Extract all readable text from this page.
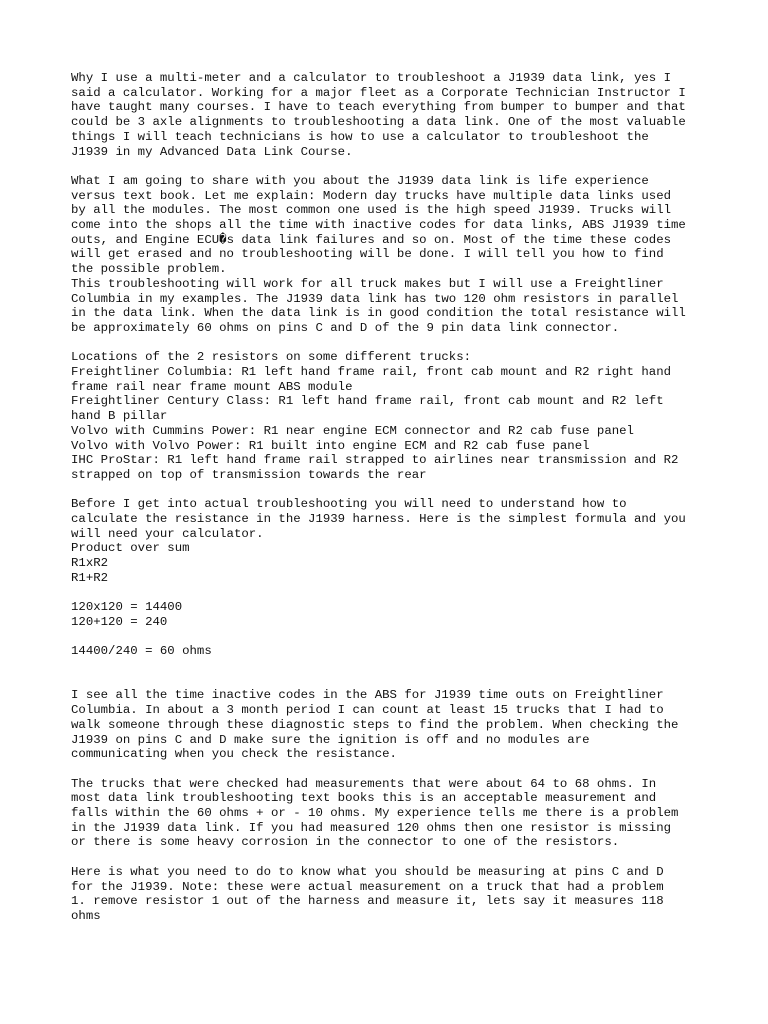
Why I use a multi-meter and a calculator to troubleshoot a J1939 data link, yes I
said a calculator. Working for a major fleet as a Corporate Technician Instructor I
have taught many courses. I have to teach everything from bumper to bumper and that
could be 3 axle alignments to troubleshooting a data link. One of the most valuable
things I will teach technicians is how to use a calculator to troubleshoot the
J1939 in my Advanced Data Link Course.

What I am going to share with you about the J1939 data link is life experience
versus text book. Let me explain: Modern day trucks have multiple data links used
by all the modules. The most common one used is the high speed J1939. Trucks will
come into the shops all the time with inactive codes for data links, ABS J1939 time
outs, and Engine ECU�s data link failures and so on. Most of the time these codes
will get erased and no troubleshooting will be done. I will tell you how to find
the possible problem.
This troubleshooting will work for all truck makes but I will use a Freightliner
Columbia in my examples. The J1939 data link has two 120 ohm resistors in parallel
in the data link. When the data link is in good condition the total resistance will
be approximately 60 ohms on pins C and D of the 9 pin data link connector.

Locations of the 2 resistors on some different trucks:
Freightliner Columbia: R1 left hand frame rail, front cab mount and R2 right hand
frame rail near frame mount ABS module
Freightliner Century Class: R1 left hand frame rail, front cab mount and R2 left
hand B pillar
Volvo with Cummins Power: R1 near engine ECM connector and R2 cab fuse panel
Volvo with Volvo Power: R1 built into engine ECM and R2 cab fuse panel
IHC ProStar: R1 left hand frame rail strapped to airlines near transmission and R2
strapped on top of transmission towards the rear

Before I get into actual troubleshooting you will need to understand how to
calculate the resistance in the J1939 harness. Here is the simplest formula and you
will need your calculator.
Product over sum
R1xR2
R1+R2

120x120 = 14400
120+120 = 240

14400/240 = 60 ohms

I see all the time inactive codes in the ABS for J1939 time outs on Freightliner
Columbia. In about a 3 month period I can count at least 15 trucks that I had to
walk someone through these diagnostic steps to find the problem. When checking the
J1939 on pins C and D make sure the ignition is off and no modules are
communicating when you check the resistance.

The trucks that were checked had measurements that were about 64 to 68 ohms. In
most data link troubleshooting text books this is an acceptable measurement and
falls within the 60 ohms + or - 10 ohms. My experience tells me there is a problem
in the J1939 data link. If you had measured 120 ohms then one resistor is missing
or there is some heavy corrosion in the connector to one of the resistors.

Here is what you need to do to know what you should be measuring at pins C and D
for the J1939. Note: these were actual measurement on a truck that had a problem
1. remove resistor 1 out of the harness and measure it, lets say it measures 118
ohms
